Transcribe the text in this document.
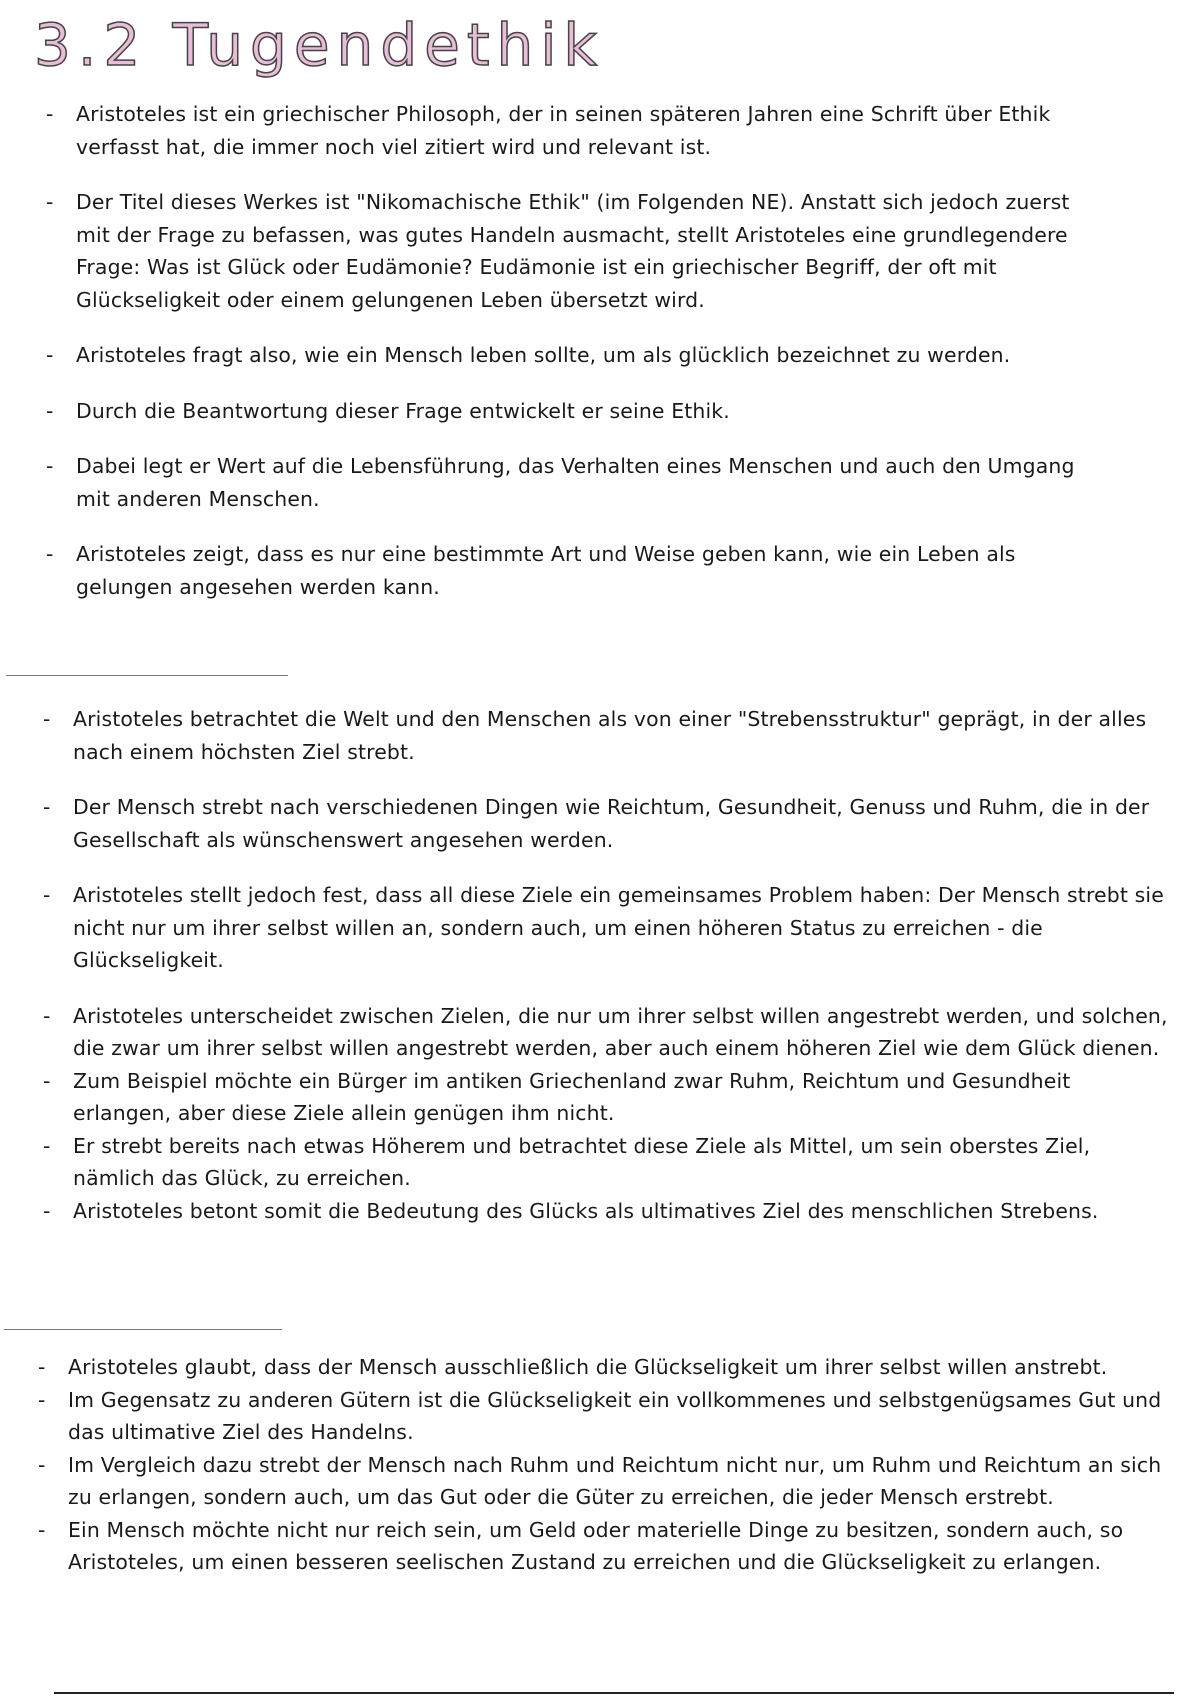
3.2 Tugendethik
-	Aristoteles ist ein griechischer Philosoph, der in seinen späteren Jahren eine Schrift über Ethik verfasst hat, die immer noch viel zitiert wird und relevant ist.
-	Der Titel dieses Werkes ist "Nikomachische Ethik" (im Folgenden NE). Anstatt sich jedoch zuerst mit der Frage zu befassen, was gutes Handeln ausmacht, stellt Aristoteles eine grundlegendere Frage: Was ist Glück oder Eudämonie? Eudämonie ist ein griechischer Begriff, der oft mit Glückseligkeit oder einem gelungenen Leben übersetzt wird.
-	Aristoteles fragt also, wie ein Mensch leben sollte, um als glücklich bezeichnet zu werden.
-	Durch die Beantwortung dieser Frage entwickelt er seine Ethik.
-	Dabei legt er Wert auf die Lebensführung, das Verhalten eines Menschen und auch den Umgang mit anderen Menschen.
-	Aristoteles zeigt, dass es nur eine bestimmte Art und Weise geben kann, wie ein Leben als gelungen angesehen werden kann.
-	Aristoteles betrachtet die Welt und den Menschen als von einer "Strebensstruktur" geprägt, in der alles nach einem höchsten Ziel strebt.
-	Der Mensch strebt nach verschiedenen Dingen wie Reichtum, Gesundheit, Genuss und Ruhm, die in der Gesellschaft als wünschenswert angesehen werden.
-	Aristoteles stellt jedoch fest, dass all diese Ziele ein gemeinsames Problem haben: Der Mensch strebt sie nicht nur um ihrer selbst willen an, sondern auch, um einen höheren Status zu erreichen - die Glückseligkeit.
-	Aristoteles unterscheidet zwischen Zielen, die nur um ihrer selbst willen angestrebt werden, und solchen, die zwar um ihrer selbst willen angestrebt werden, aber auch einem höheren Ziel wie dem Glück dienen.
-	Zum Beispiel möchte ein Bürger im antiken Griechenland zwar Ruhm, Reichtum und Gesundheit erlangen, aber diese Ziele allein genügen ihm nicht.
-	Er strebt bereits nach etwas Höherem und betrachtet diese Ziele als Mittel, um sein oberstes Ziel, nämlich das Glück, zu erreichen.
-	Aristoteles betont somit die Bedeutung des Glücks als ultimatives Ziel des menschlichen Strebens.
-	Aristoteles glaubt, dass der Mensch ausschließlich die Glückseligkeit um ihrer selbst willen anstrebt.
-	Im Gegensatz zu anderen Gütern ist die Glückseligkeit ein vollkommenes und selbstgenügsames Gut und das ultimative Ziel des Handelns.
-	Im Vergleich dazu strebt der Mensch nach Ruhm und Reichtum nicht nur, um Ruhm und Reichtum an sich zu erlangen, sondern auch, um das Gut oder die Güter zu erreichen, die jeder Mensch erstrebt.
-	Ein Mensch möchte nicht nur reich sein, um Geld oder materielle Dinge zu besitzen, sondern auch, so Aristoteles, um einen besseren seelischen Zustand zu erreichen und die Glückseligkeit zu erlangen.
